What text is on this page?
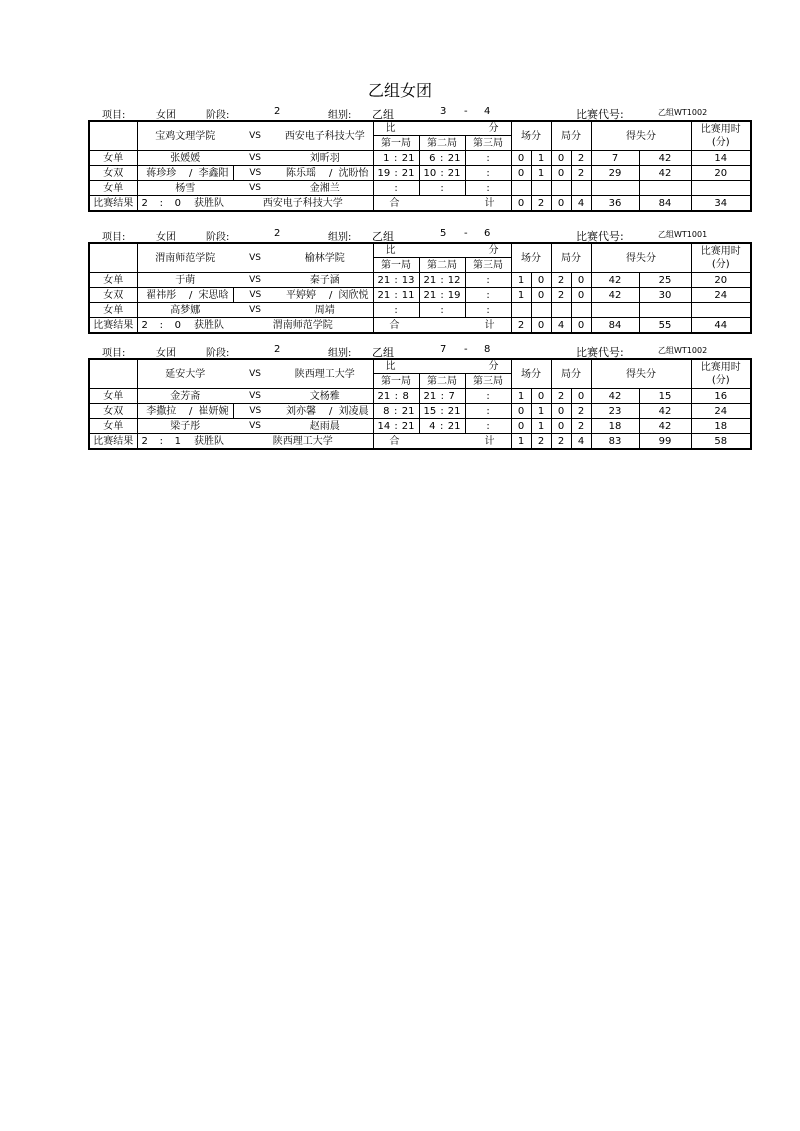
乙组女团
项目:	女团	阶段:	2	组别: 乙组	3 - 4	比赛代号:	乙组WT1002
	宝鸡文理学院		VS	西安电子科技大学		比 分			场分		局分		得失分		比赛用时
(分)

						第一局	第二局	第三局							
女单	张媛媛		VS	刘昕羽		1 : 21	6 : 21	:	0	1	0	2	7	42	14
女双	蒋珍珍	/ 李鑫阳	VS	陈乐瑶	/ 沈盼怡	19 : 21	10 : 21	:	0	1	0	2	29	42	20
女单	杨雪		VS	金湘兰		:	:	:							

比赛结果	2 : 0	获胜队	西安电子科技大学			合 计			0	2	0	4	36	84	34
项目:	女团	阶段:	2	组别: 乙组	5 - 6	比赛代号:	乙组WT1001
	渭南师范学院		VS	榆林学院		比 分			场分		局分		得失分		比赛用时
(分)

						第一局	第二局	第三局							
女单	于萌		VS	秦子涵		21 : 13	21 : 12	:	1	0	2	0	42	25	20
女双	翟祎彤	/ 宋思晗	VS	平婷婷	/ 闵欣悦	21 : 11	21 : 19	:	1	0	2	0	42	30	24
女单	高梦娜		VS	周靖		:	:	:							

比赛结果	2 : 0	获胜队	渭南师范学院			合 计			2	0	4	0	84	55	44
项目:	女团	阶段:	2	组别: 乙组	7 - 8	比赛代号:	乙组WT1002
	延安大学		VS	陕西理工大学		比 分			场分		局分		得失分		比赛用时
(分)

						第一局	第二局	第三局							
女单	金芳斋		VS	文杨雅		21 : 8	21 : 7	:	1	0	2	0	42	15	16
女双	李撒拉	/ 崔妍婉	VS	刘亦馨	/ 刘凌晨	8 : 21	15 : 21	:	0	1	0	2	23	42	24
女单	梁子彤		VS	赵雨晨		14 : 21	4 : 21	:	0	1	0	2	18	42	18
比赛结果	2 : 1	获胜队	陕西理工大学			合 计			1	2	2	4	83	99	58
